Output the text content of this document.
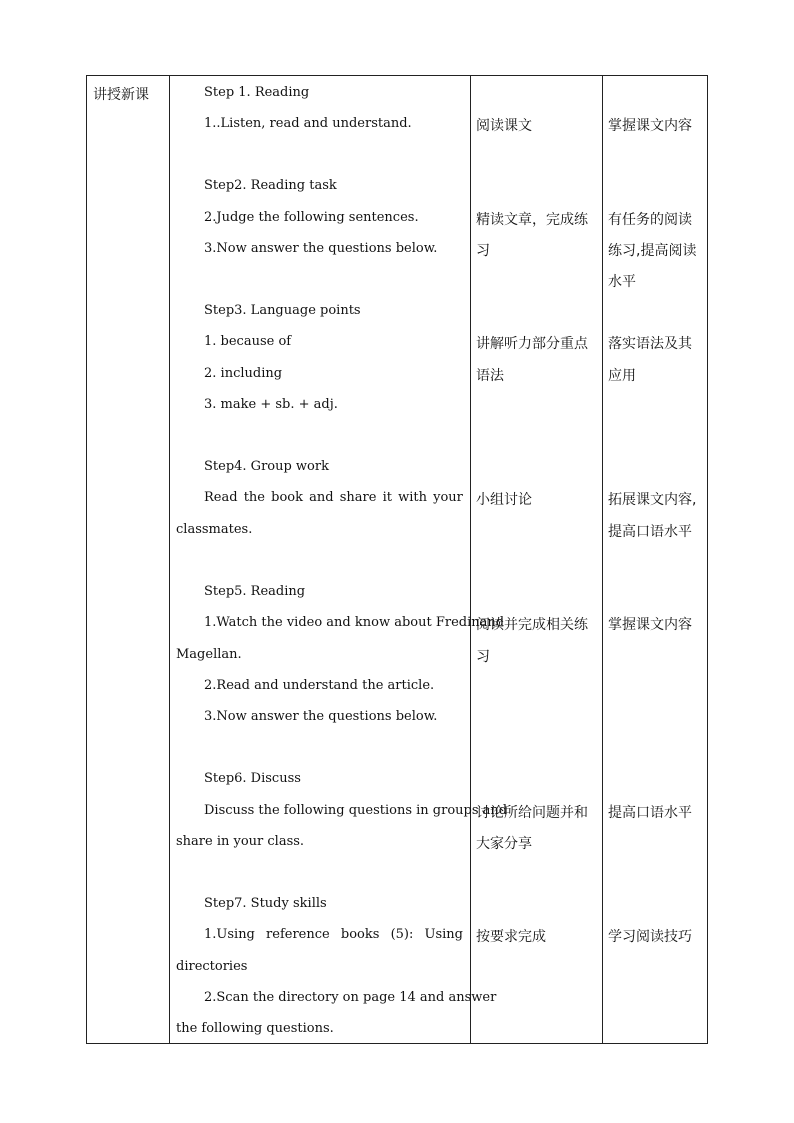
讲授新课	Step 1. Reading
1..Listen, read and understand.
Step2. Reading task
2.Judge the following sentences.
3.Now answer the questions below.
Step3. Language points
1. because of
2. including
3. make + sb. + adj.
Step4. Group work
Read the book and share it with your
classmates.
Step5. Reading
1.Watch the video and know about Fredinand
Magellan.
2.Read and understand the article.
3.Now answer the questions below.
Step6. Discuss
Discuss the following questions in groups and
share in your class.
Step7. Study skills
1.Using reference books (5): Using
directories
2.Scan the directory on page 14 and answer
the following questions.
阅读课文
精读文章，完成练
习
讲解听力部分重点
语法
小组讨论
阅读并完成相关练
习
讨论所给问题并和
大家分享
按要求完成
掌握课文内容
有任务的阅读
练习,提高阅读
水平
落实语法及其
应用
拓展课文内容,
提高口语水平
掌握课文内容
提高口语水平
学习阅读技巧
